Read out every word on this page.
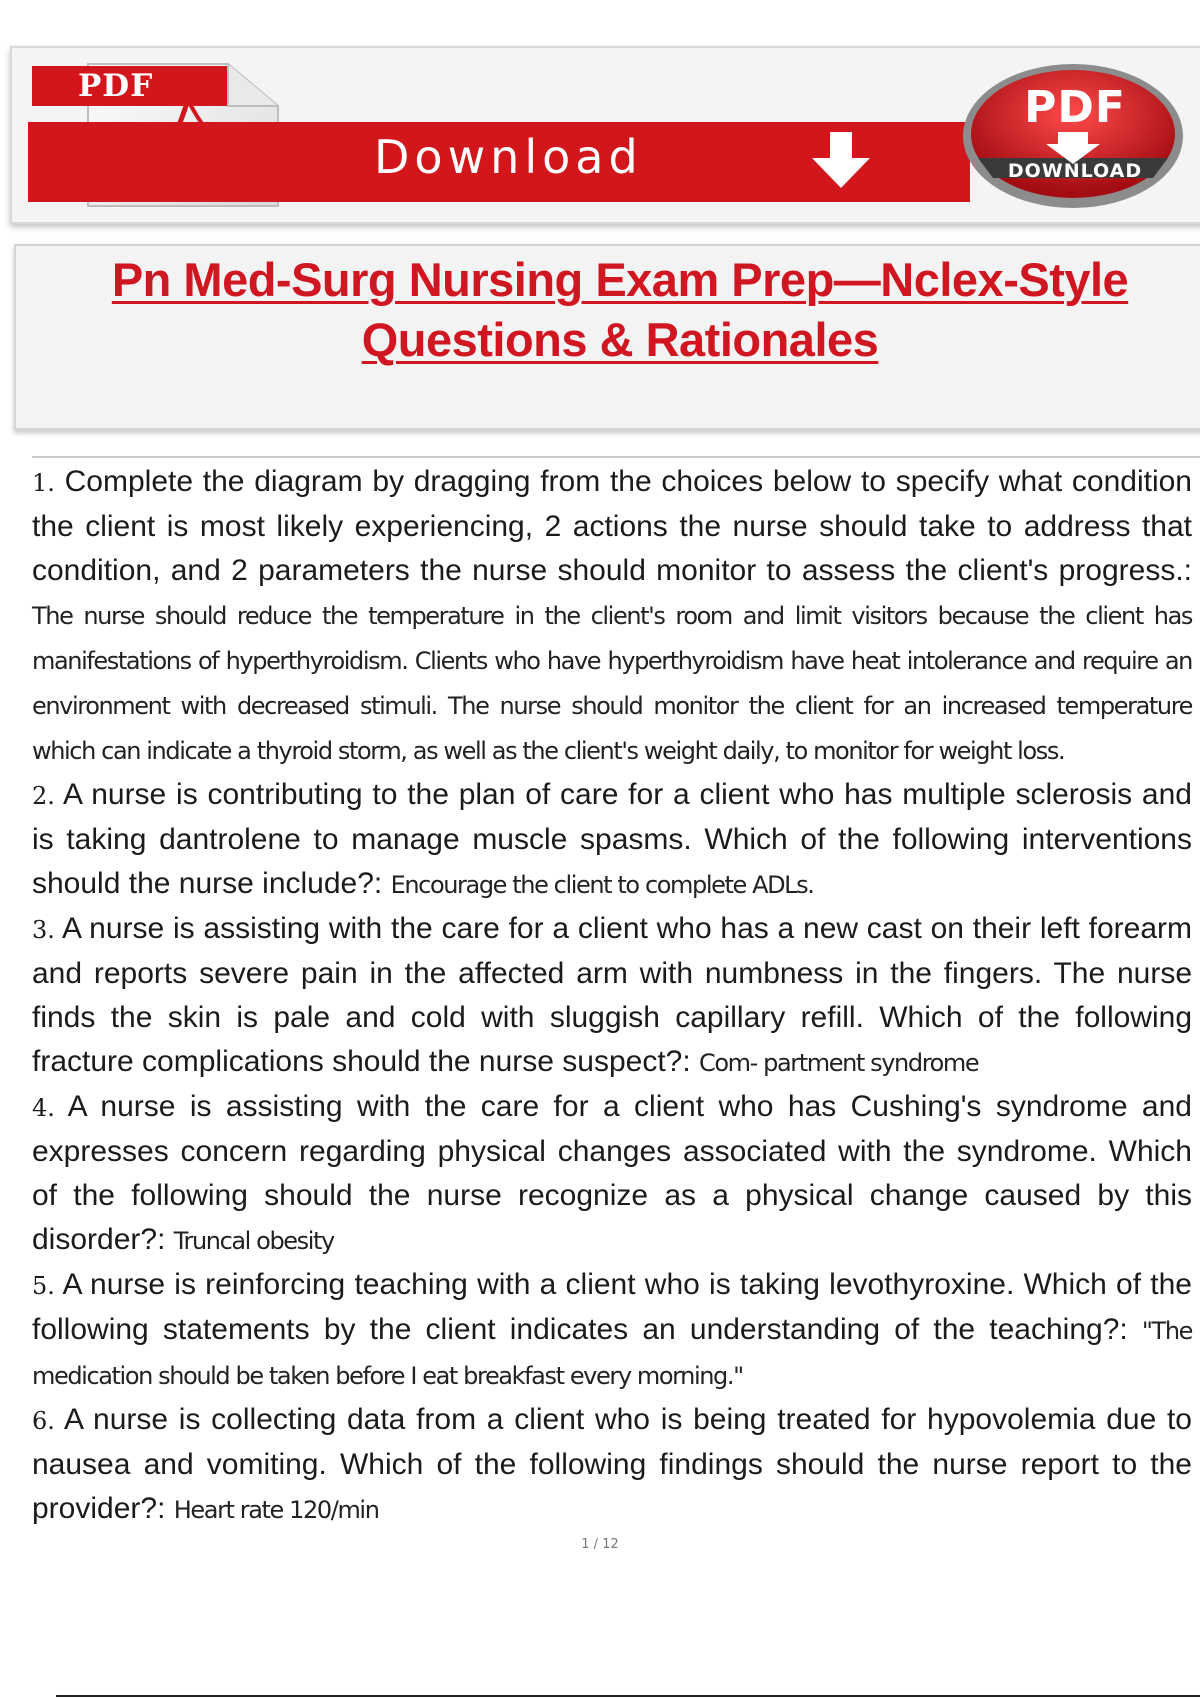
PDF
Download
PDF
DOWNLOAD
Pn Med-Surg Nursing Exam Prep—Nclex-Style Questions & Rationales

1. Complete the diagram by dragging from the choices below to specify what condition the client is most likely experiencing, 2 actions the nurse should take to address that condition, and 2 parameters the nurse should monitor to assess the client's progress.: The nurse should reduce the temperature in the client's room and limit visitors because the client has manifestations of hyperthyroidism. Clients who have hyperthyroidism have heat intolerance and require an environment with decreased stimuli. The nurse should monitor the client for an increased temperature which can indicate a thyroid storm, as well as the client's weight daily, to monitor for weight loss.

2. A nurse is contributing to the plan of care for a client who has multiple sclerosis and is taking dantrolene to manage muscle spasms. Which of the following interventions should the nurse include?: Encourage the client to complete ADLs.

3. A nurse is assisting with the care for a client who has a new cast on their left forearm and reports severe pain in the affected arm with numbness in the fingers. The nurse finds the skin is pale and cold with sluggish capillary refill. Which of the following fracture complications should the nurse suspect?: Com- partment syndrome

4. A nurse is assisting with the care for a client who has Cushing's syndrome and expresses concern regarding physical changes associated with the syndrome. Which of the following should the nurse recognize as a physical change caused by this disorder?: Truncal obesity

5. A nurse is reinforcing teaching with a client who is taking levothyroxine. Which of the following statements by the client indicates an understanding of the teaching?: "The medication should be taken before I eat breakfast every morning."

6. A nurse is collecting data from a client who is being treated for hypovolemia due to nausea and vomiting. Which of the following findings should the nurse report to the provider?: Heart rate 120/min

1 / 12
